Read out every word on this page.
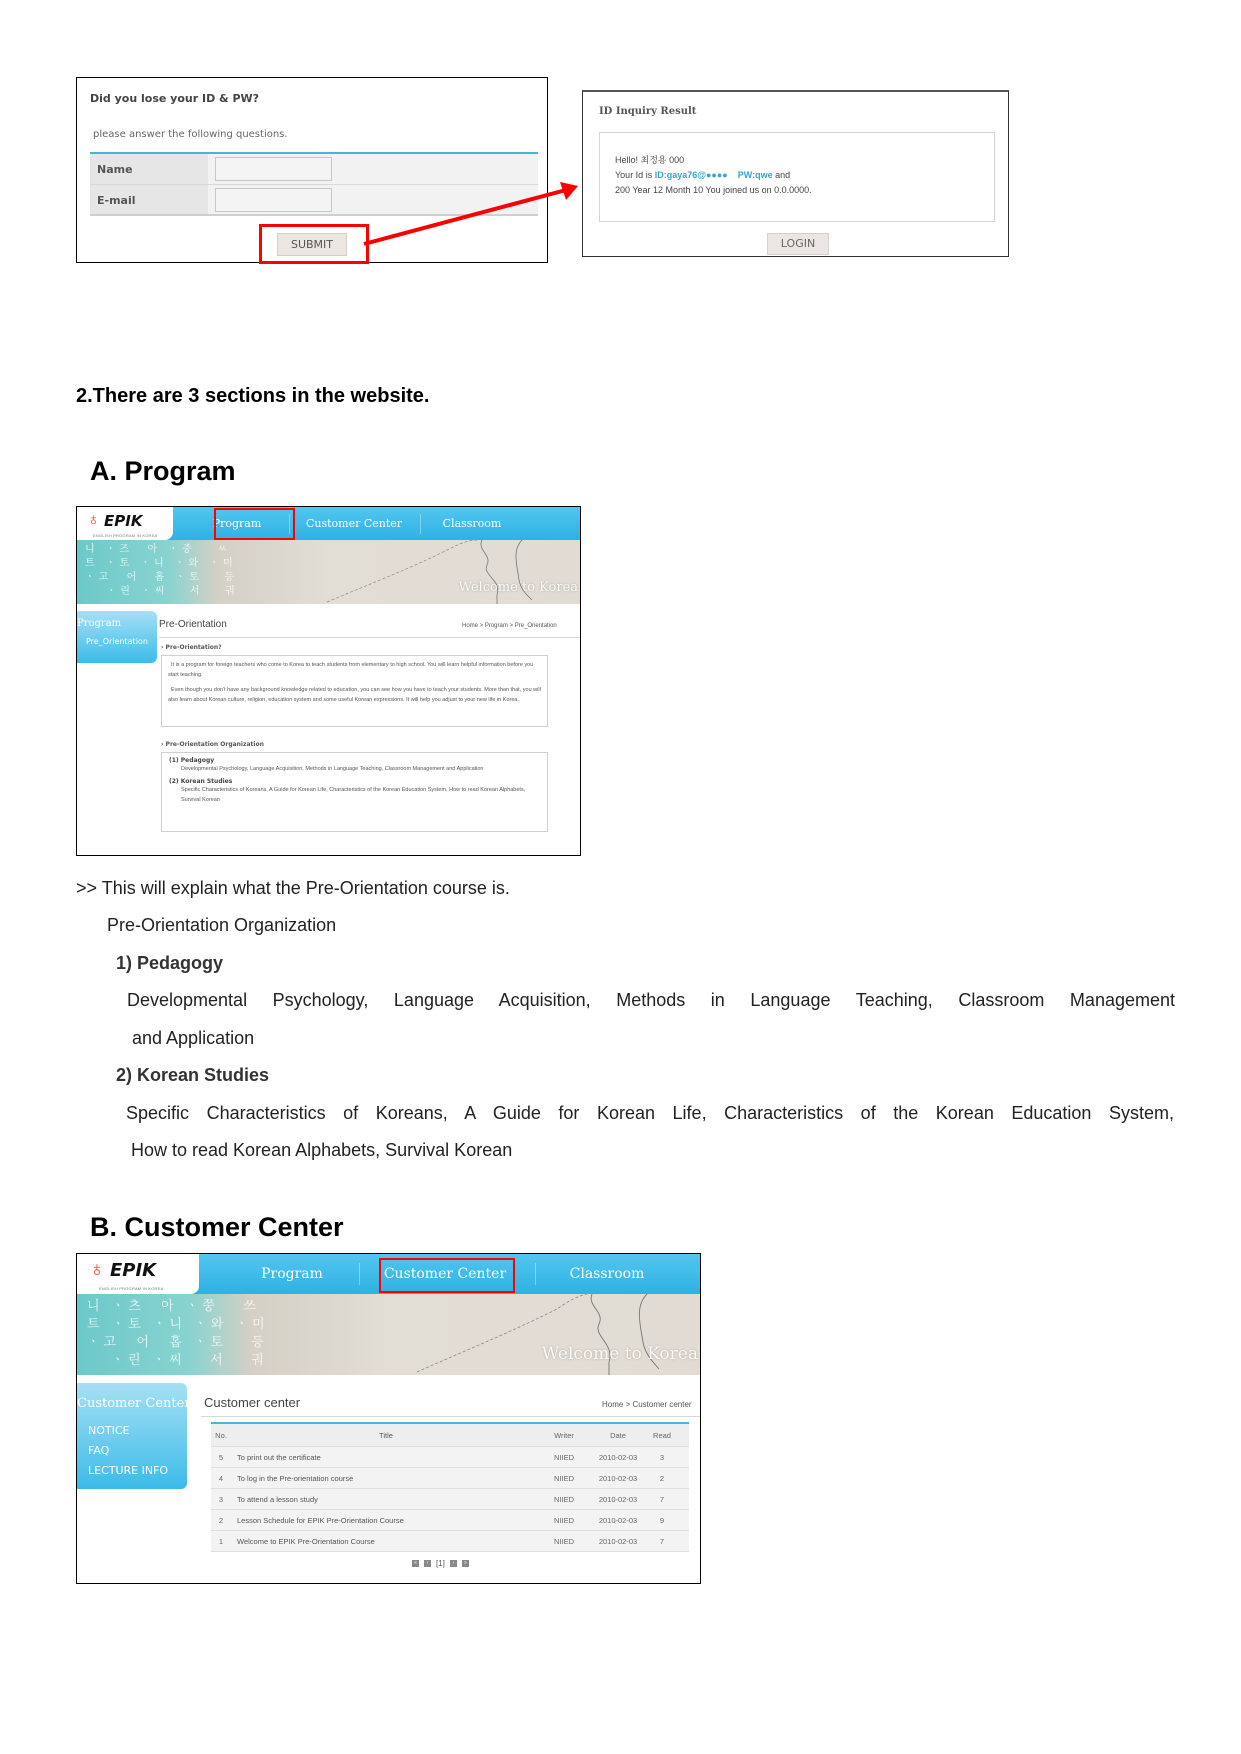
Did you lose your ID & PW?
please answer the following questions.
Name
E-mail
SUBMIT
ID Inquiry Result
Hello! 최정용 000
Your Id is ID:gaya76@●●●● PW:qwe and
200 Year 12 Month 10 You joined us on 0.0.0000.
LOGIN
2.There are 3 sections in the website.
A. Program
♁ EPIK
ENGLISH PROGRAM IN KOREA
Program	Customer Center	Classroom
니 ㆍ즈  아 ㆍ중   ㅆ
트 ㆍ토 ㆍ니 ㆍ와 ㆍ미
ㆍ고  어  홉 ㆍ토   등
ㆍ린 ㆍ씨   서   궈	Welcome to Korea
Program
Pre_Orientation
Pre-Orientation	Home > Program > Pre_Orientation
› Pre-Orientation?

It is a program for foreign teachers who come to Korea to teach students from elementary to high school. You will learn helpful information before you start teaching.

Even though you don't have any background knowledge related to education, you can see how you have to teach your students. More than that, you will also learn about Korean culture, religion, education system and some useful Korean expressions. It will help you adjust to your new life in Korea.

› Pre-Orientation Organization
(1) Pedagogy

Developmental Psychology, Language Acquisition, Methods in Language Teaching, Classroom Management and Application

(2) Korean Studies

Specific Characteristics of Koreans, A Guide for Korean Life, Characteristics of the Korean Education System, How to read Korean Alphabets, Survival Korean

>> This will explain what the Pre-Orientation course is.
Pre-Orientation Organization
1) Pedagogy
Developmental Psychology, Language Acquisition, Methods in Language Teaching, Classroom Management
and Application
2) Korean Studies
Specific Characteristics of Koreans, A Guide for Korean Life, Characteristics of the Korean Education System,
How to read Korean Alphabets, Survival Korean
B. Customer Center
♁ EPIK
ENGLISH PROGRAM IN KOREA
Program	Customer Center	Classroom
니 ㆍ츠  아 ㆍ쭝   쓰
트 ㆍ토 ㆍ니 ㆍ와 ㆍ미
ㆍ고  어  홉 ㆍ토   등
ㆍ린 ㆍ씨   서   궈	Welcome to Korea
Customer Center
NOTICE
FAQ
LECTURE INFO
Customer center	Home > Customer center
No.	Title	Writer	Date	Read
5	To print out the certificate	NIIED	2010-02-03	3
4	To log in the Pre-orientation course	NIIED	2010-02-03	2
3	To attend a lesson study	NIIED	2010-02-03	7
2	Lesson Schedule for EPIK Pre-Orientation Course	NIIED	2010-02-03	9
1	Welcome to EPIK Pre-Orientation Course	NIIED	2010-02-03	7
«	‹ [1]	›	»
